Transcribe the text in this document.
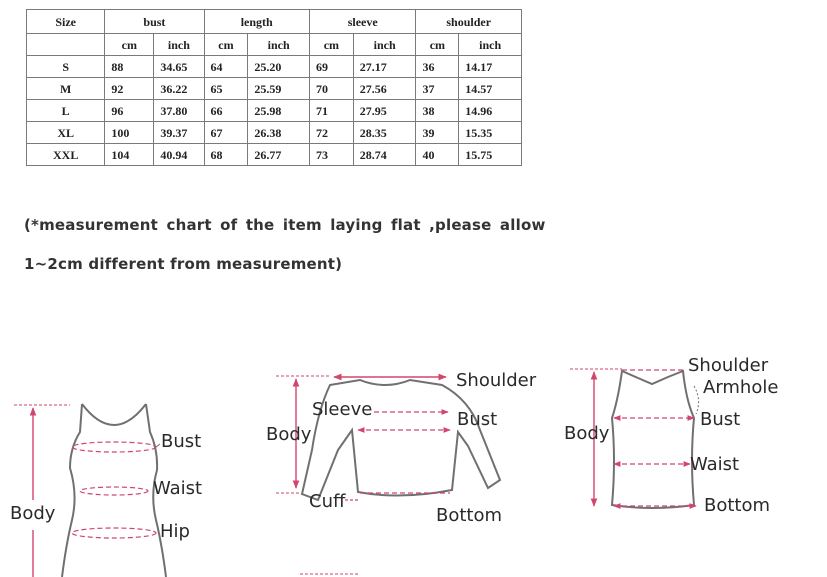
Size	bust		length		sleeve		shoulder	
	cm	inch	cm	inch	cm	inch	cm	inch
S	88	34.65	64	25.20	69	27.17	36	14.17
M	92	36.22	65	25.59	70	27.56	37	14.57
L	96	37.80	66	25.98	71	27.95	38	14.96
XL	100	39.37	67	26.38	72	28.35	39	15.35
XXL	104	40.94	68	26.77	73	28.74	40	15.75
(*measurement chart of the item laying flat ,please allow
1~2cm different from measurement)
Bust
Waist
Hip
Body
Shoulder
Sleeve
Body
Bust
Cuff
Bottom
Shoulder
Armhole
Body
Bust
Waist
Bottom
